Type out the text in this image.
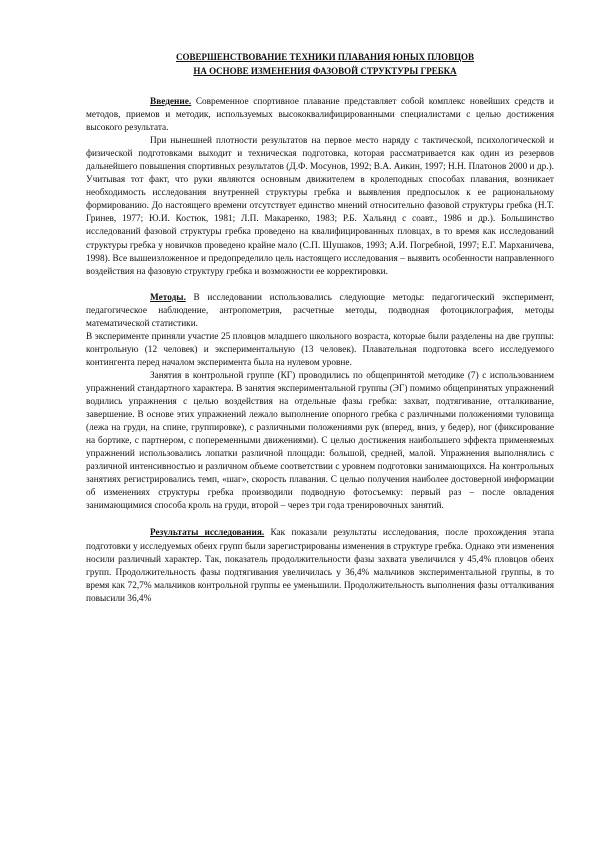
СОВЕРШЕНСТВОВАНИЕ ТЕХНИКИ ПЛАВАНИЯ ЮНЫХ ПЛОВЦОВ
НА ОСНОВЕ ИЗМЕНЕНИЯ ФАЗОВОЙ СТРУКТУРЫ ГРЕБКА

Введение. Современное спортивное плавание представляет собой комплекс новейших средств и методов, приемов и методик, используемых высококвалифицированными специалистами с целью достижения высокого результата.

При нынешней плотности результатов на первое место наряду с тактической, психологической и физической подготовками выходит и техническая подготовка, которая рассматривается как один из резервов дальнейшего повышения спортивных результатов (Д.Ф. Мосунов, 1992; В.А. Аикин, 1997; Н.Н. Платонов 2000 и др.). Учитывая тот факт, что руки являются основным движителем в кролеподных способах плавания, возникает необходимость исследования внутренней структуры гребка и выявления предпосылок к ее рациональному формированию. До настоящего времени отсутствует единство мнений относительно фазовой структуры гребка (Н.Т. Гринев, 1977; Ю.И. Костюк, 1981; Л.П. Макаренко, 1983; Р.Б. Хальянд с соавт., 1986 и др.). Большинство исследований фазовой структуры гребка проведено на квалифицированных пловцах, в то время как исследований структуры гребка у новичков проведено крайне мало (С.П. Шушаков, 1993; А.И. Погребной, 1997; Е.Г. Марханичева, 1998). Все вышеизложенное и предопределило цель настоящего исследования – выявить особенности направленного воздействия на фазовую структуру гребка и возможности ее корректировки.

Методы. В исследовании использовались следующие методы: педагогический эксперимент, педагогическое наблюдение, антропометрия, расчетные методы, подводная фотоциклография, методы математической статистики.

В эксперименте приняли участие 25 пловцов младшего школьного возраста, которые были разделены на две группы: контрольную (12 человек) и экспериментальную (13 человек). Плавательная подготовка всего исследуемого контингента перед началом эксперимента была на нулевом уровне.

Занятия в контрольной группе (КГ) проводились по общепринятой методике (7) с использованием упражнений стандартного характера. В занятия экспериментальной группы (ЭГ) помимо общепринятых упражнений водились упражнения с целью воздействия на отдельные фазы гребка: захват, подтягивание, отталкивание, завершение. В основе этих упражнений лежало выполнение опорного гребка с различными положениями туловища (лежа на груди, на спине, группировке), с различными положениями рук (вперед, вниз, у бедер), ног (фиксирование на бортике, с партнером, с попеременными движениями). С целью достижения наибольшего эффекта применяемых упражнений использовались лопатки различной площади: большой, средней, малой. Упражнения выполнялись с различной интенсивностью и различном объеме соответствии с уровнем подготовки занимающихся. На контрольных занятиях регистрировались темп, «шаг», скорость плавания. С целью получения наиболее достоверной информации об изменениях структуры гребка производили подводную фотосъемку: первый раз – после овладения занимающимися способа кроль на груди, второй – через три года тренировочных занятий.

Результаты исследования. Как показали результаты исследования, после прохождения этапа подготовки у исследуемых обеих групп были зарегистрированы изменения в структуре гребка. Однако эти изменения носили различный характер. Так, показатель продолжительности фазы захвата увеличился у 45,4% пловцов обеих групп. Продолжительность фазы подтягивания увеличилась у 36,4% мальчиков экспериментальной группы, в то время как 72,7% мальчиков контрольной группы ее уменьшили. Продолжительность выполнения фазы отталкивания повысили 36,4%
